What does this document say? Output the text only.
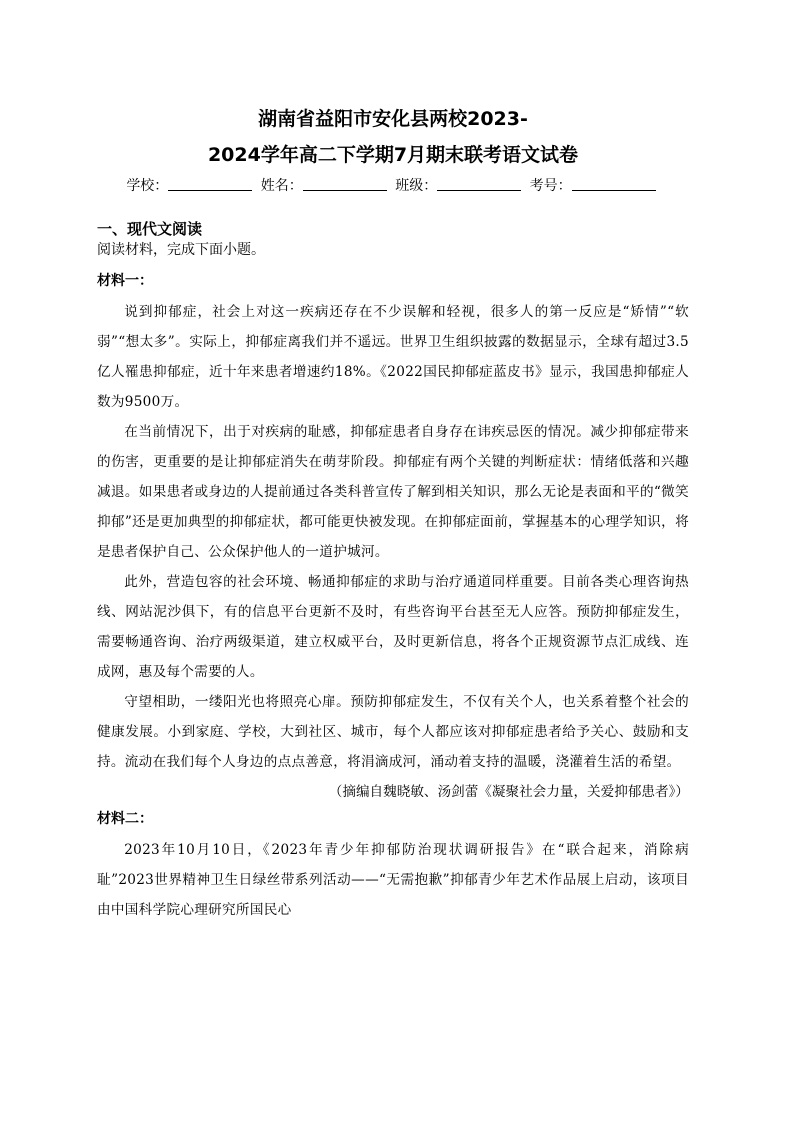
湖南省益阳市安化县两校2023-
2024学年高二下学期7月期末联考语文试卷
学校：	姓名：	班级：	考号：
一、现代文阅读
阅读材料，完成下面小题。
材料一：

说到抑郁症，社会上对这一疾病还存在不少误解和轻视，很多人的第一反应是“矫情”“软弱”“想太多”。实际上，抑郁症离我们并不遥远。世界卫生组织披露的数据显示，全球有超过3.5亿人罹患抑郁症，近十年来患者增速约18%。《2022国民抑郁症蓝皮书》显示，我国患抑郁症人数为9500万。

在当前情况下，出于对疾病的耻感，抑郁症患者自身存在讳疾忌医的情况。减少抑郁症带来的伤害，更重要的是让抑郁症消失在萌芽阶段。抑郁症有两个关键的判断症状：情绪低落和兴趣减退。如果患者或身边的人提前通过各类科普宣传了解到相关知识，那么无论是表面和平的“微笑抑郁”还是更加典型的抑郁症状，都可能更快被发现。在抑郁症面前，掌握基本的心理学知识，将是患者保护自己、公众保护他人的一道护城河。

此外，营造包容的社会环境、畅通抑郁症的求助与治疗通道同样重要。目前各类心理咨询热线、网站泥沙俱下，有的信息平台更新不及时，有些咨询平台甚至无人应答。预防抑郁症发生，需要畅通咨询、治疗两级渠道，建立权威平台，及时更新信息，将各个正规资源节点汇成线、连成网，惠及每个需要的人。

守望相助，一缕阳光也将照亮心扉。预防抑郁症发生，不仅有关个人，也关系着整个社会的健康发展。小到家庭、学校，大到社区、城市，每个人都应该对抑郁症患者给予关心、鼓励和支持。流动在我们每个人身边的点点善意，将涓滴成河，涌动着支持的温暖，浇灌着生活的希望。

（摘编自魏晓敏、汤剑蕾《凝聚社会力量，关爱抑郁患者》）

材料二：

2023年10月10日，《2023年青少年抑郁防治现状调研报告》在“联合起来，消除病耻”2023世界精神卫生日绿丝带系列活动——“无需抱歉”抑郁青少年艺术作品展上启动，该项目由中国科学院心理研究所国民心
